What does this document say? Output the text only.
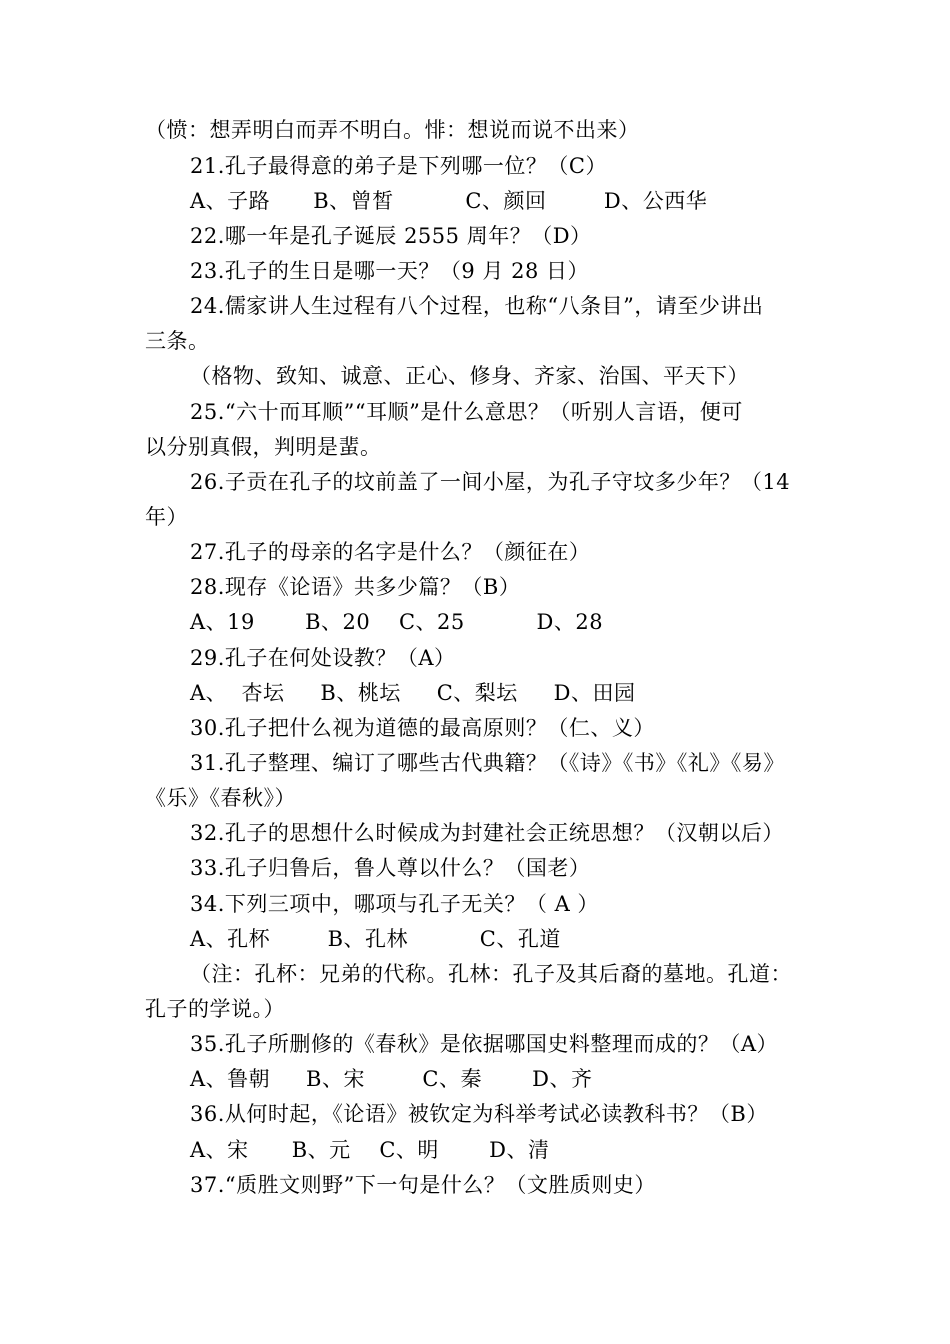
（愤：想弄明白而弄不明白。悱：想说而说不出来）
21.孔子最得意的弟子是下列哪一位？（C）
A、子路      B、曾皙          C、颜回        D、公西华
22.哪一年是孔子诞辰 2555 周年？（D）
23.孔子的生日是哪一天？（9 月 28 日）
24.儒家讲人生过程有八个过程，也称“八条目”，请至少讲出
三条。
（格物、致知、诚意、正心、修身、齐家、治国、平天下）
25.“六十而耳顺”“耳顺”是什么意思？（听别人言语，便可
以分别真假，判明是蜚。
26.子贡在孔子的坟前盖了一间小屋，为孔子守坟多少年？（14
年）
27.孔子的母亲的名字是什么？（颜征在）
28.现存《论语》共多少篇？（B）
A、19       B、20    C、25          D、28
29.孔子在何处设教？（A）
A、  杏坛     B、桃坛     C、梨坛     D、田园
30.孔子把什么视为道德的最高原则？（仁、义）
31.孔子整理、编订了哪些古代典籍？（《诗》《书》《礼》《易》
《乐》《春秋》）
32.孔子的思想什么时候成为封建社会正统思想？（汉朝以后）
33.孔子归鲁后，鲁人尊以什么？（国老）
34.下列三项中，哪项与孔子无关？（ A ）
A、孔杯        B、孔林          C、孔道
（注：孔杯：兄弟的代称。孔林：孔子及其后裔的墓地。孔道：
孔子的学说。）
35.孔子所删修的《春秋》是依据哪国史料整理而成的？（A）
A、鲁朝     B、宋        C、秦       D、齐
36.从何时起，《论语》被钦定为科举考试必读教科书？（B）
A、宋      B、元    C、明       D、清
37.“质胜文则野”下一句是什么？（文胜质则史）
